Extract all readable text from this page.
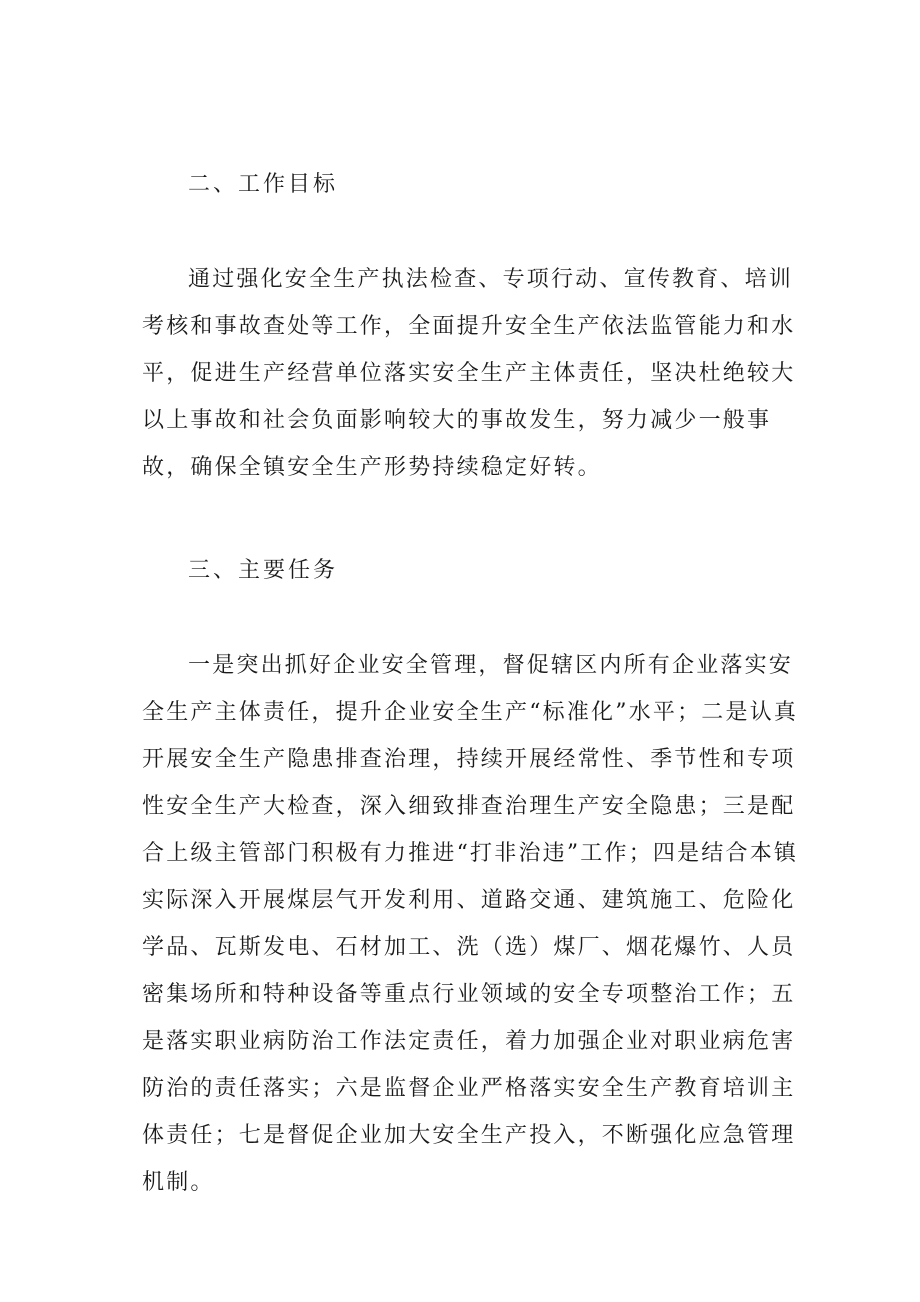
二、工作目标

通过强化安全生产执法检查、专项行动、宣传教育、培训考核和事故查处等工作，全面提升安全生产依法监管能力和水平，促进生产经营单位落实安全生产主体责任，坚决杜绝较大以上事故和社会负面影响较大的事故发生，努力减少一般事故，确保全镇安全生产形势持续稳定好转。

三、主要任务

一是突出抓好企业安全管理，督促辖区内所有企业落实安全生产主体责任，提升企业安全生产“标准化”水平；二是认真开展安全生产隐患排查治理，持续开展经常性、季节性和专项性安全生产大检查，深入细致排查治理生产安全隐患；三是配合上级主管部门积极有力推进“打非治违”工作；四是结合本镇实际深入开展煤层气开发利用、道路交通、建筑施工、危险化学品、瓦斯发电、石材加工、洗（选）煤厂、烟花爆竹、人员密集场所和特种设备等重点行业领域的安全专项整治工作；五是落实职业病防治工作法定责任，着力加强企业对职业病危害防治的责任落实；六是监督企业严格落实安全生产教育培训主体责任；七是督促企业加大安全生产投入，不断强化应急管理机制。
